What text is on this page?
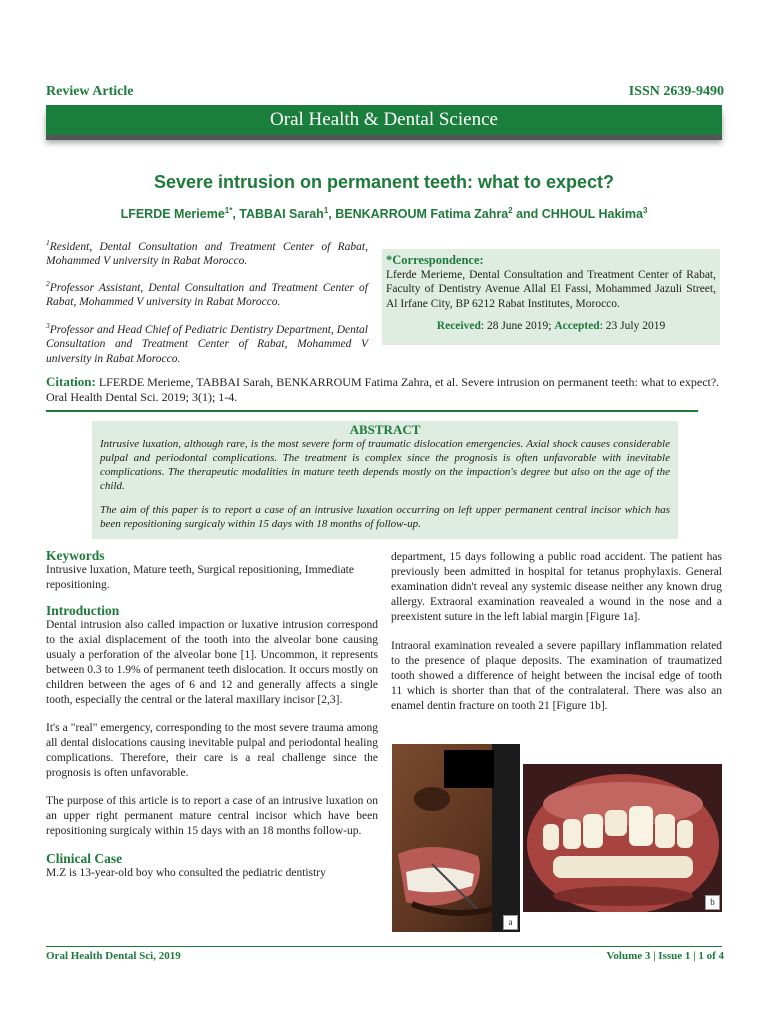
Review Article	ISSN 2639-9490
Oral Health & Dental Science
Severe intrusion on permanent teeth: what to expect?
LFERDE Merieme$^{1*}$, TABBAI Sarah$^1$, BENKARROUM Fatima Zahra$^2$ and CHHOUL Hakima$^3$
$^1$Resident, Dental Consultation and Treatment Center of Rabat, Mohammed V university in Rabat Morocco.
$^2$Professor Assistant, Dental Consultation and Treatment Center of Rabat, Mohammed V university in Rabat Morocco.
$^3$Professor and Head Chief of Pediatric Dentistry Department, Dental Consultation and Treatment Center of Rabat, Mohammed V university in Rabat Morocco.
*Correspondence:
Lferde Merieme, Dental Consultation and Treatment Center of Rabat, Faculty of Dentistry Avenue Allal El Fassi, Mohammed Jazuli Street, Al Irfane City, BP 6212 Rabat Institutes, Morocco.
Received: 28 June 2019; Accepted: 23 July 2019
Citation: LFERDE Merieme, TABBAI Sarah, BENKARROUM Fatima Zahra, et al. Severe intrusion on permanent teeth: what to expect?. Oral Health Dental Sci. 2019; 3(1); 1-4.
ABSTRACT

Intrusive luxation, although rare, is the most severe form of traumatic dislocation emergencies. Axial shock causes considerable pulpal and periodontal complications. The treatment is complex since the prognosis is often unfavorable with inevitable complications. The therapeutic modalities in mature teeth depends mostly on the impaction's degree but also on the age of the child.

The aim of this paper is to report a case of an intrusive luxation occurring on left upper permanent central incisor which has been repositioning surgicaly within 15 days with 18 months of follow-up.

Keywords

Intrusive luxation, Mature teeth, Surgical repositioning, Immediate repositioning.

Introduction

Dental intrusion also called impaction or luxative intrusion correspond to the axial displacement of the tooth into the alveolar bone causing usualy a perforation of the alveolar bone [1]. Uncommon, it represents between 0.3 to 1.9% of permanent teeth dislocation. It occurs mostly on children between the ages of 6 and 12 and generally affects a single tooth, especially the central or the lateral maxillary incisor [2,3].

It's a "real" emergency, corresponding to the most severe trauma among all dental dislocations causing inevitable pulpal and periodontal healing complications. Therefore, their care is a real challenge since the prognosis is often unfavorable.

The purpose of this article is to report a case of an intrusive luxation on an upper right permanent mature central incisor which have been repositioning surgicaly within 15 days with an 18 months follow-up.

Clinical Case

M.Z is 13-year-old boy who consulted the pediatric dentistry

department, 15 days following a public road accident. The patient has previously been admitted in hospital for tetanus prophylaxis. General examination didn't reveal any systemic disease neither any known drug allergy. Extraoral examination reavealed a wound in the nose and a preexistent suture in the left labial margin [Figure 1a].

Intraoral examination revealed a severe papillary inflammation related to the presence of plaque deposits. The examination of traumatized tooth showed a difference of height between the incisal edge of tooth 11 which is shorter than that of the contralateral. There was also an enamel dentin fracture on tooth 21 [Figure 1b].

a
b
Oral Health Dental Sci, 2019	Volume 3 | Issue 1 | 1 of 4
